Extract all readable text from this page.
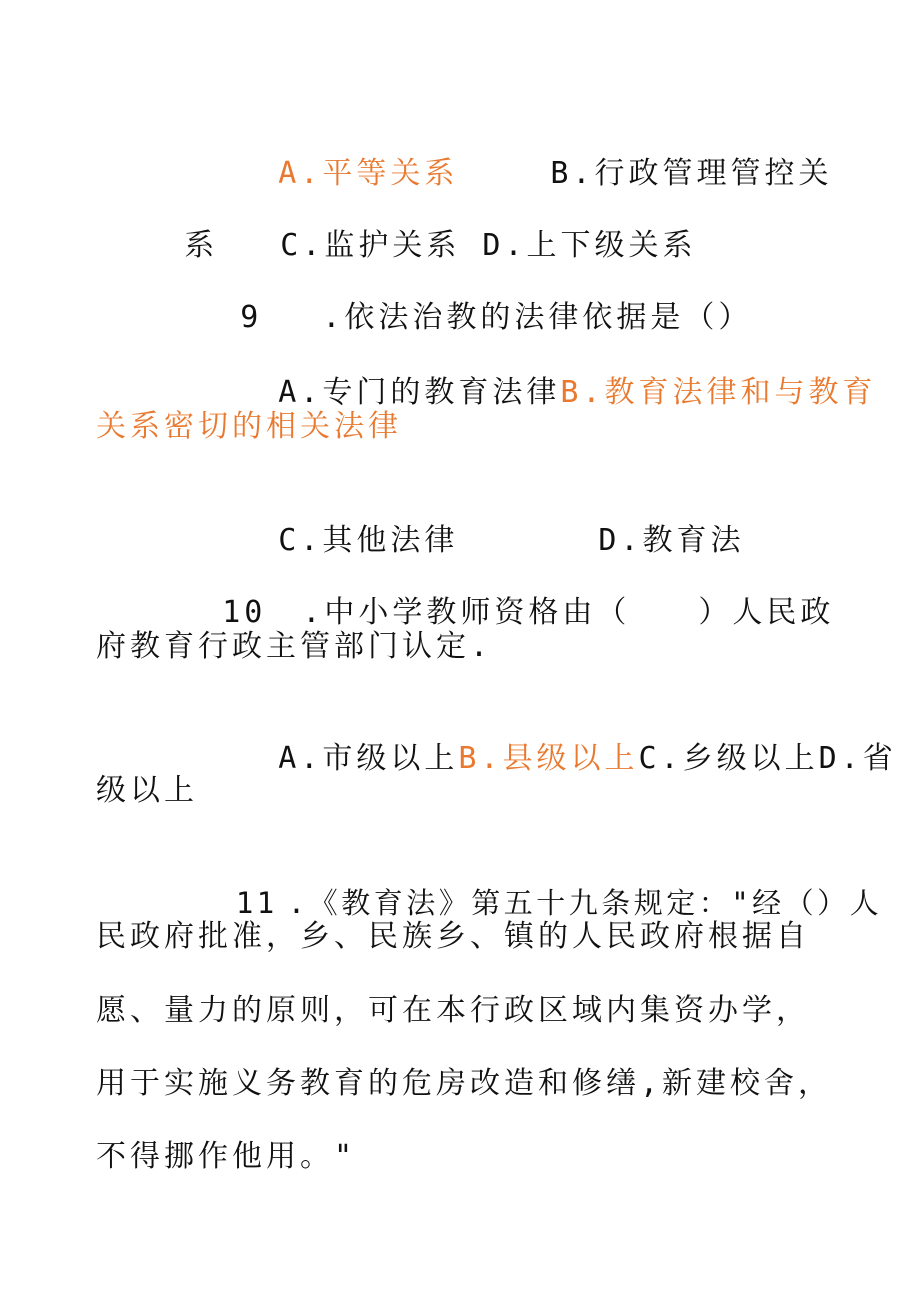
A.平等关系	B.行政管理管控关

系 C.监护关系 D.上下级关系

9 .依法治教的法律依据是（）

A.专门的教育法律B.教育法律和与教育

关系密切的相关法律

C.其他法律	D.教育法

10 .中小学教师资格由（　　）人民政

府教育行政主管部门认定.

A.市级以上B.县级以上C.乡级以上D.省

级以上

11 .《教育法》第五十九条规定："经（）人

民政府批准，乡、民族乡、镇的人民政府根据自
愿、量力的原则，可在本行政区域内集资办学，
用于实施义务教育的危房改造和修缮,新建校舍，
不得挪作他用。"
